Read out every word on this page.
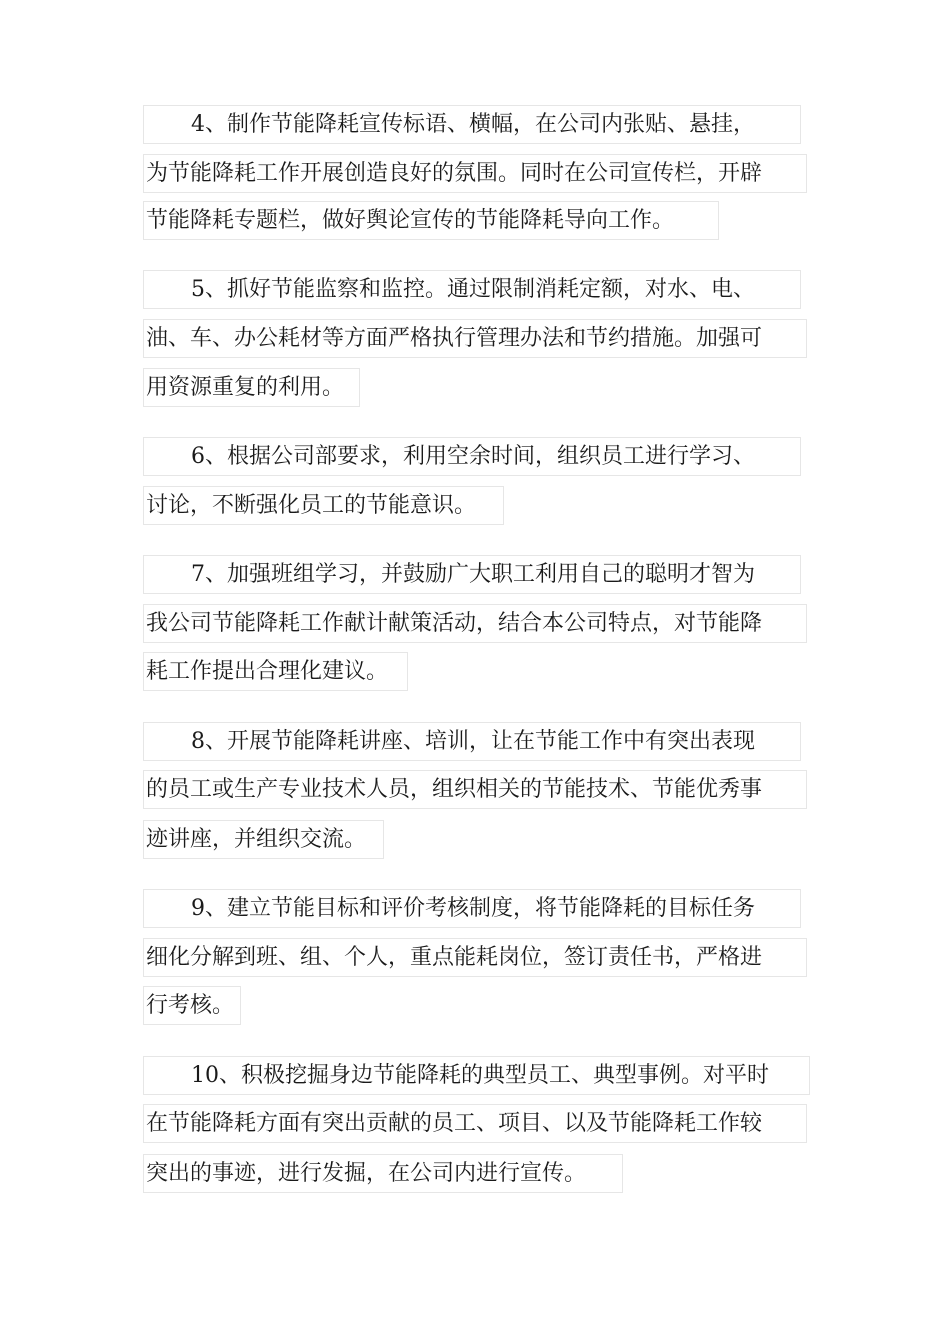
4、制作节能降耗宣传标语、横幅，在公司内张贴、悬挂，
为节能降耗工作开展创造良好的氛围。同时在公司宣传栏，开辟
节能降耗专题栏，做好舆论宣传的节能降耗导向工作。
5、抓好节能监察和监控。通过限制消耗定额，对水、电、
油、车、办公耗材等方面严格执行管理办法和节约措施。加强可
用资源重复的利用。
6、根据公司部要求，利用空余时间，组织员工进行学习、
讨论，不断强化员工的节能意识。
7、加强班组学习，并鼓励广大职工利用自己的聪明才智为
我公司节能降耗工作献计献策活动，结合本公司特点，对节能降
耗工作提出合理化建议。
8、开展节能降耗讲座、培训，让在节能工作中有突出表现
的员工或生产专业技术人员，组织相关的节能技术、节能优秀事
迹讲座，并组织交流。
9、建立节能目标和评价考核制度，将节能降耗的目标任务
细化分解到班、组、个人，重点能耗岗位，签订责任书，严格进
行考核。
10、积极挖掘身边节能降耗的典型员工、典型事例。对平时
在节能降耗方面有突出贡献的员工、项目、以及节能降耗工作较
突出的事迹，进行发掘，在公司内进行宣传。
